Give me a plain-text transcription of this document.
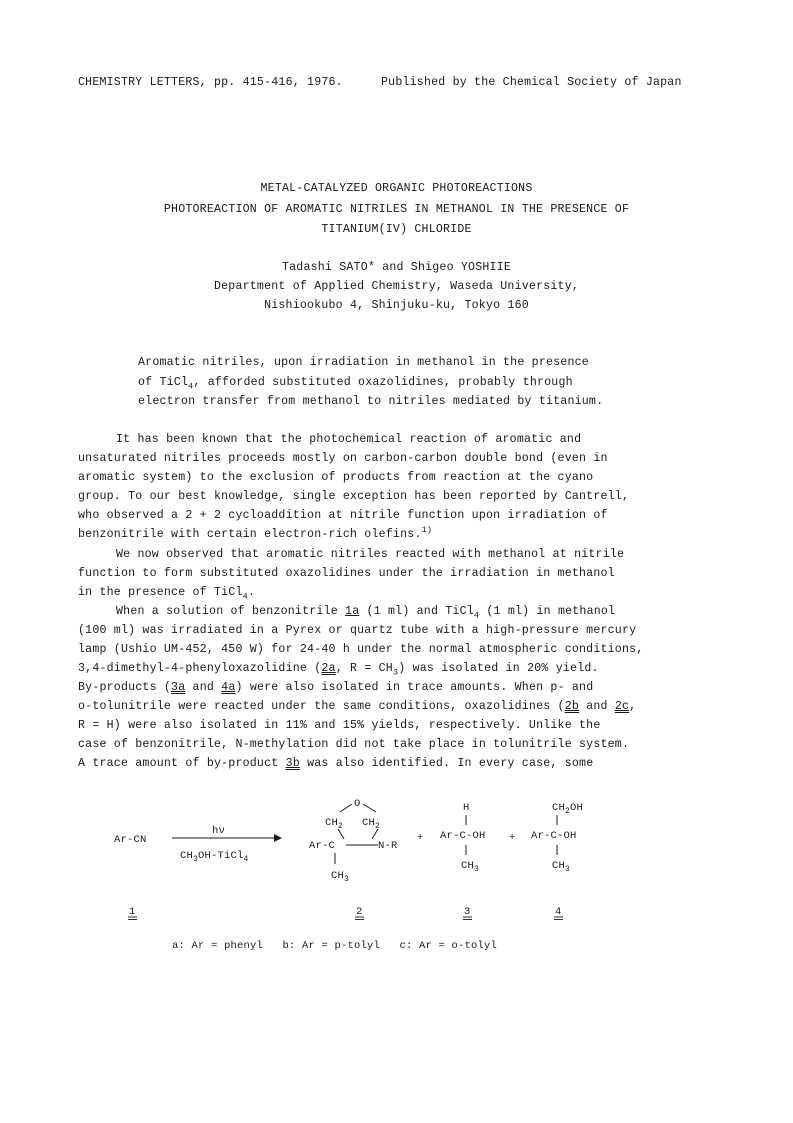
CHEMISTRY LETTERS, pp. 415-416, 1976.	Published by the Chemical Society of Japan
METAL-CATALYZED ORGANIC PHOTOREACTIONS
PHOTOREACTION OF AROMATIC NITRILES IN METHANOL IN THE PRESENCE OF
TITANIUM(IV) CHLORIDE
Tadashi SATO* and Shigeo YOSHIIE
Department of Applied Chemistry, Waseda University,
Nishiookubo 4, Shinjuku-ku, Tokyo 160
Aromatic nitriles, upon irradiation in methanol in the presence
of TiCl$_4$, afforded substituted oxazolidines, probably through
electron transfer from methanol to nitriles mediated by titanium.
It has been known that the photochemical reaction of aromatic and
unsaturated nitriles proceeds mostly on carbon-carbon double bond (even in
aromatic system) to the exclusion of products from reaction at the cyano
group. To our best knowledge, single exception has been reported by Cantrell,
who observed a 2 + 2 cycloaddition at nitrile function upon irradiation of
benzonitrile with certain electron-rich olefins.$^{1)}$
We now observed that aromatic nitriles reacted with methanol at nitrile
function to form substituted oxazolidines under the irradiation in methanol
in the presence of TiCl$_4$.
When a solution of benzonitrile 1a (1 ml) and TiCl$_4$ (1 ml) in methanol
(100 ml) was irradiated in a Pyrex or quartz tube with a high-pressure mercury
lamp (Ushio UM-452, 450 W) for 24-40 h under the normal atmospheric conditions,
3,4-dimethyl-4-phenyloxazolidine (2a, $R = CH_3$) was isolated in 20% yield.
By-products (3a and 4a) were also isolated in trace amounts. When p- and
o-tolunitrile were reacted under the same conditions, oxazolidines (2b and 2c,
R = H) were also isolated in 11% and 15% yields, respectively. Unlike the
case of benzonitrile, N-methylation did not take place in tolunitrile system.
A trace amount of by-product 3b was also identified. In every case, some
Ar-CN
hν
$CH_3OH-TiCl_4$
O
$CH_2$ $CH_2$
Ar-C	N-R
$CH_3$
+
H
Ar-C-OH
$CH_3$
+
$CH_2OH$
Ar-C-OH
$CH_3$
1	2	3	4
a: Ar = phenyl   b: Ar = p-tolyl   c: Ar = o-tolyl
